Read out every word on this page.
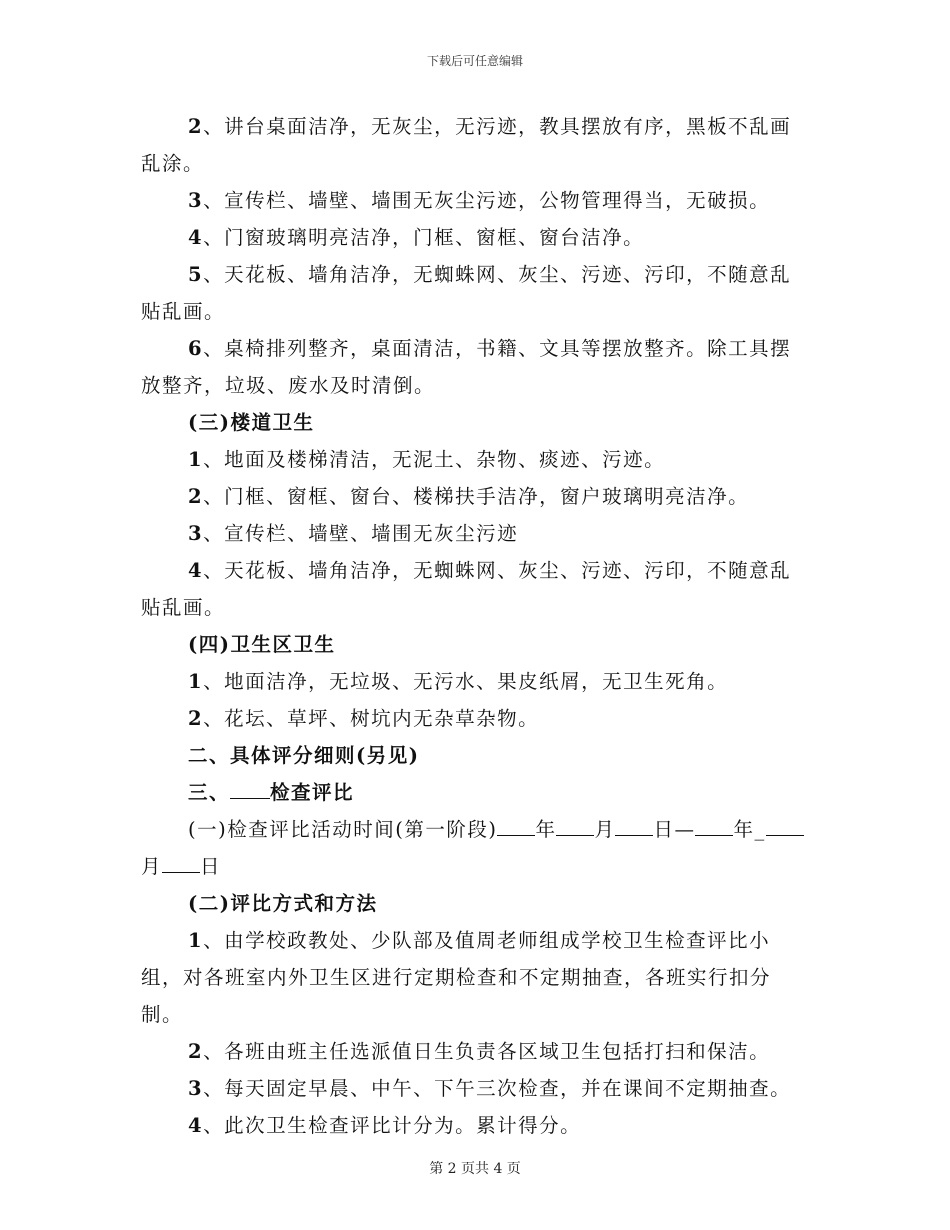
下载后可任意编辑

2、讲台桌面洁净，无灰尘，无污迹，教具摆放有序，黑板不乱画乱涂。

3、宣传栏、墙壁、墙围无灰尘污迹，公物管理得当，无破损。

4、门窗玻璃明亮洁净，门框、窗框、窗台洁净。

5、天花板、墙角洁净，无蜘蛛网、灰尘、污迹、污印，不随意乱贴乱画。

6、桌椅排列整齐，桌面清洁，书籍、文具等摆放整齐。除工具摆放整齐，垃圾、废水及时清倒。

(三)楼道卫生

1、地面及楼梯清洁，无泥土、杂物、痰迹、污迹。

2、门框、窗框、窗台、楼梯扶手洁净，窗户玻璃明亮洁净。

3、宣传栏、墙壁、墙围无灰尘污迹

4、天花板、墙角洁净，无蜘蛛网、灰尘、污迹、污印，不随意乱贴乱画。

(四)卫生区卫生

1、地面洁净，无垃圾、无污水、果皮纸屑，无卫生死角。

2、花坛、草坪、树坑内无杂草杂物。

二、具体评分细则(另见)

三、 检查评比

(一)检查评比活动时间(第一阶段) 年 月 日— 年_月 日

(二)评比方式和方法

1、由学校政教处、少队部及值周老师组成学校卫生检查评比小组，对各班室内外卫生区进行定期检查和不定期抽查，各班实行扣分制。

2、各班由班主任选派值日生负责各区域卫生包括打扫和保洁。

3、每天固定早晨、中午、下午三次检查，并在课间不定期抽查。

4、此次卫生检查评比计分为。累计得分。

第 2 页共 4 页
